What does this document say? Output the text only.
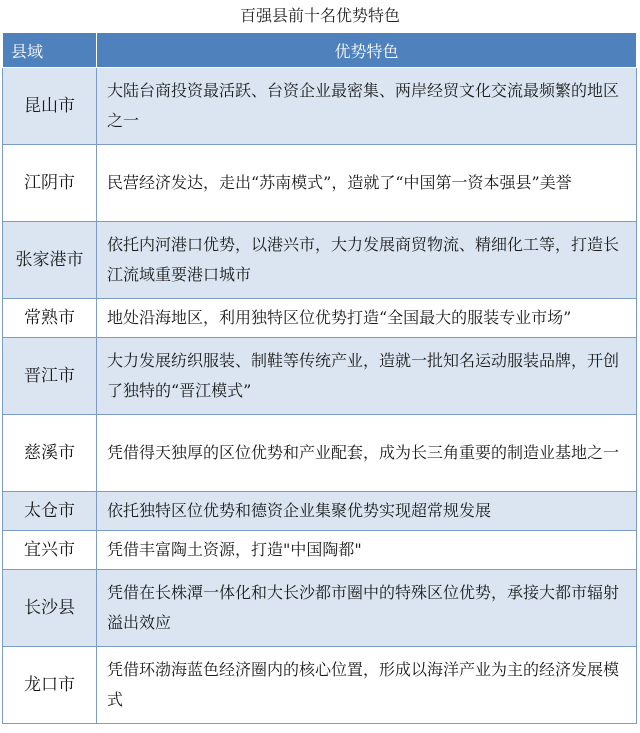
百强县前十名优势特色
县域	优势特色
昆山市	大陆台商投资最活跃、台资企业最密集、两岸经贸文化交流最频繁的地区之一
江阴市	民营经济发达，走出“苏南模式”，造就了“中国第一资本强县”美誉
张家港市	依托内河港口优势，以港兴市，大力发展商贸物流、精细化工等，打造长江流域重要港口城市
常熟市	地处沿海地区，利用独特区位优势打造“全国最大的服装专业市场”
晋江市	大力发展纺织服装、制鞋等传统产业，造就一批知名运动服装品牌，开创了独特的“晋江模式”
慈溪市	凭借得天独厚的区位优势和产业配套，成为长三角重要的制造业基地之一
太仓市	依托独特区位优势和德资企业集聚优势实现超常规发展
宜兴市	凭借丰富陶土资源，打造"中国陶都"
长沙县	凭借在长株潭一体化和大长沙都市圈中的特殊区位优势，承接大都市辐射溢出效应
龙口市	凭借环渤海蓝色经济圈内的核心位置，形成以海洋产业为主的经济发展模式
